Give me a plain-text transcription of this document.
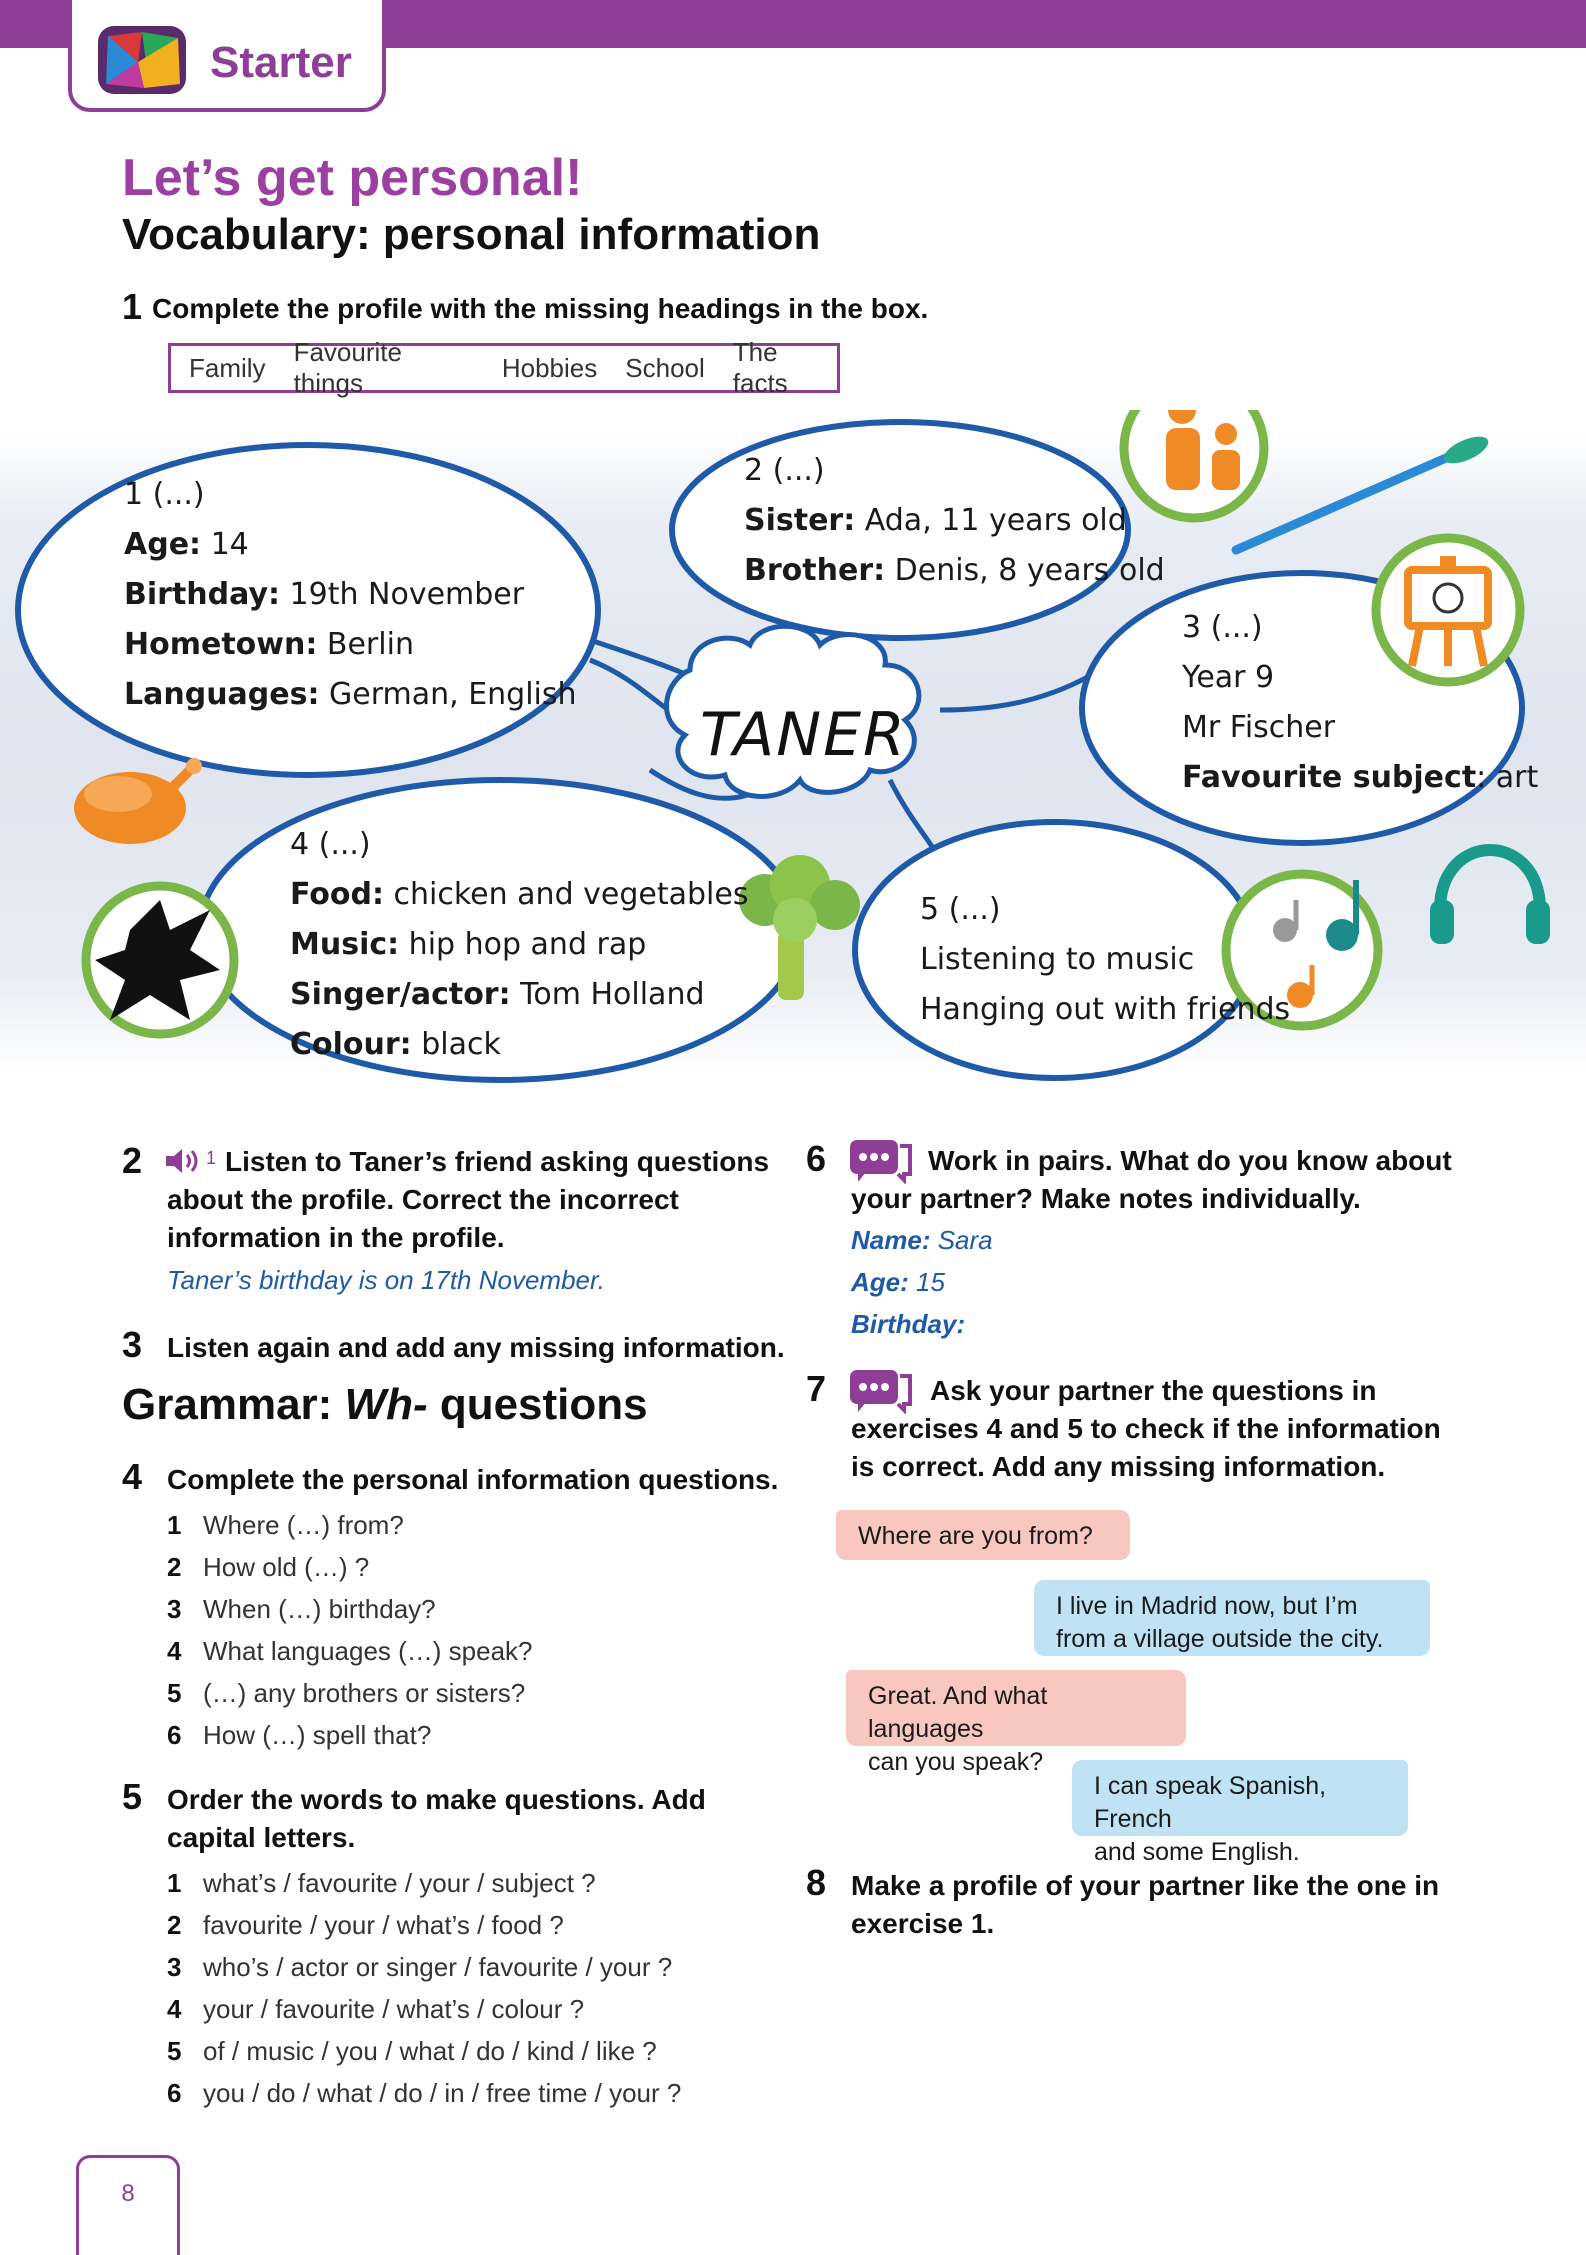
Starter
Let’s get personal!
Vocabulary: personal information
1 Complete the profile with the missing headings in the box.
Family
Favourite things
Hobbies School
The facts
1 (...)
Age: 14
Birthday: 19th November
Hometown: Berlin
Languages: German, English
2 (...)
Sister: Ada, 11 years old
Brother: Denis, 8 years old
3 (...)
Year 9
Mr Fischer
Favourite subject: art
TANER
4 (...)
Food: chicken and vegetables
Music: hip hop and rap
Singer/actor: Tom Holland
Colour: black
5 (...)
Listening to music
Hanging out with friends
2	1 Listen to Taner’s friend asking questions
about the profile. Correct the incorrect
information in the profile.
Taner’s birthday is on 17th November.
3 Listen again and add any missing information.
Grammar: Wh- questions
4 Complete the personal information questions.
1 Where (…) from?
2 How old (…) ?
3 When (…) birthday?
4 What languages (…) speak?
5 (…) any brothers or sisters?
6 How (…) spell that?
5 Order the words to make questions. Add
capital letters.
1 what’s / favourite / your / subject ?
2 favourite / your / what’s / food ?
3 who’s / actor or singer / favourite / your ?
4 your / favourite / what’s / colour ?
5 of / music / you / what / do / kind / like ?
6 you / do / what / do / in / free time / your ?
6	Work in pairs. What do you know about
your partner? Make notes individually.
Name: Sara
Age: 15
Birthday:
7	Ask your partner the questions in
exercises 4 and 5 to check if the information
is correct. Add any missing information.
Where are you from?
I live in Madrid now, but I’m
from a village outside the city.
Great. And what languages
can you speak?
I can speak Spanish, French
and some English.
8 Make a profile of your partner like the one in
exercise 1.
8
